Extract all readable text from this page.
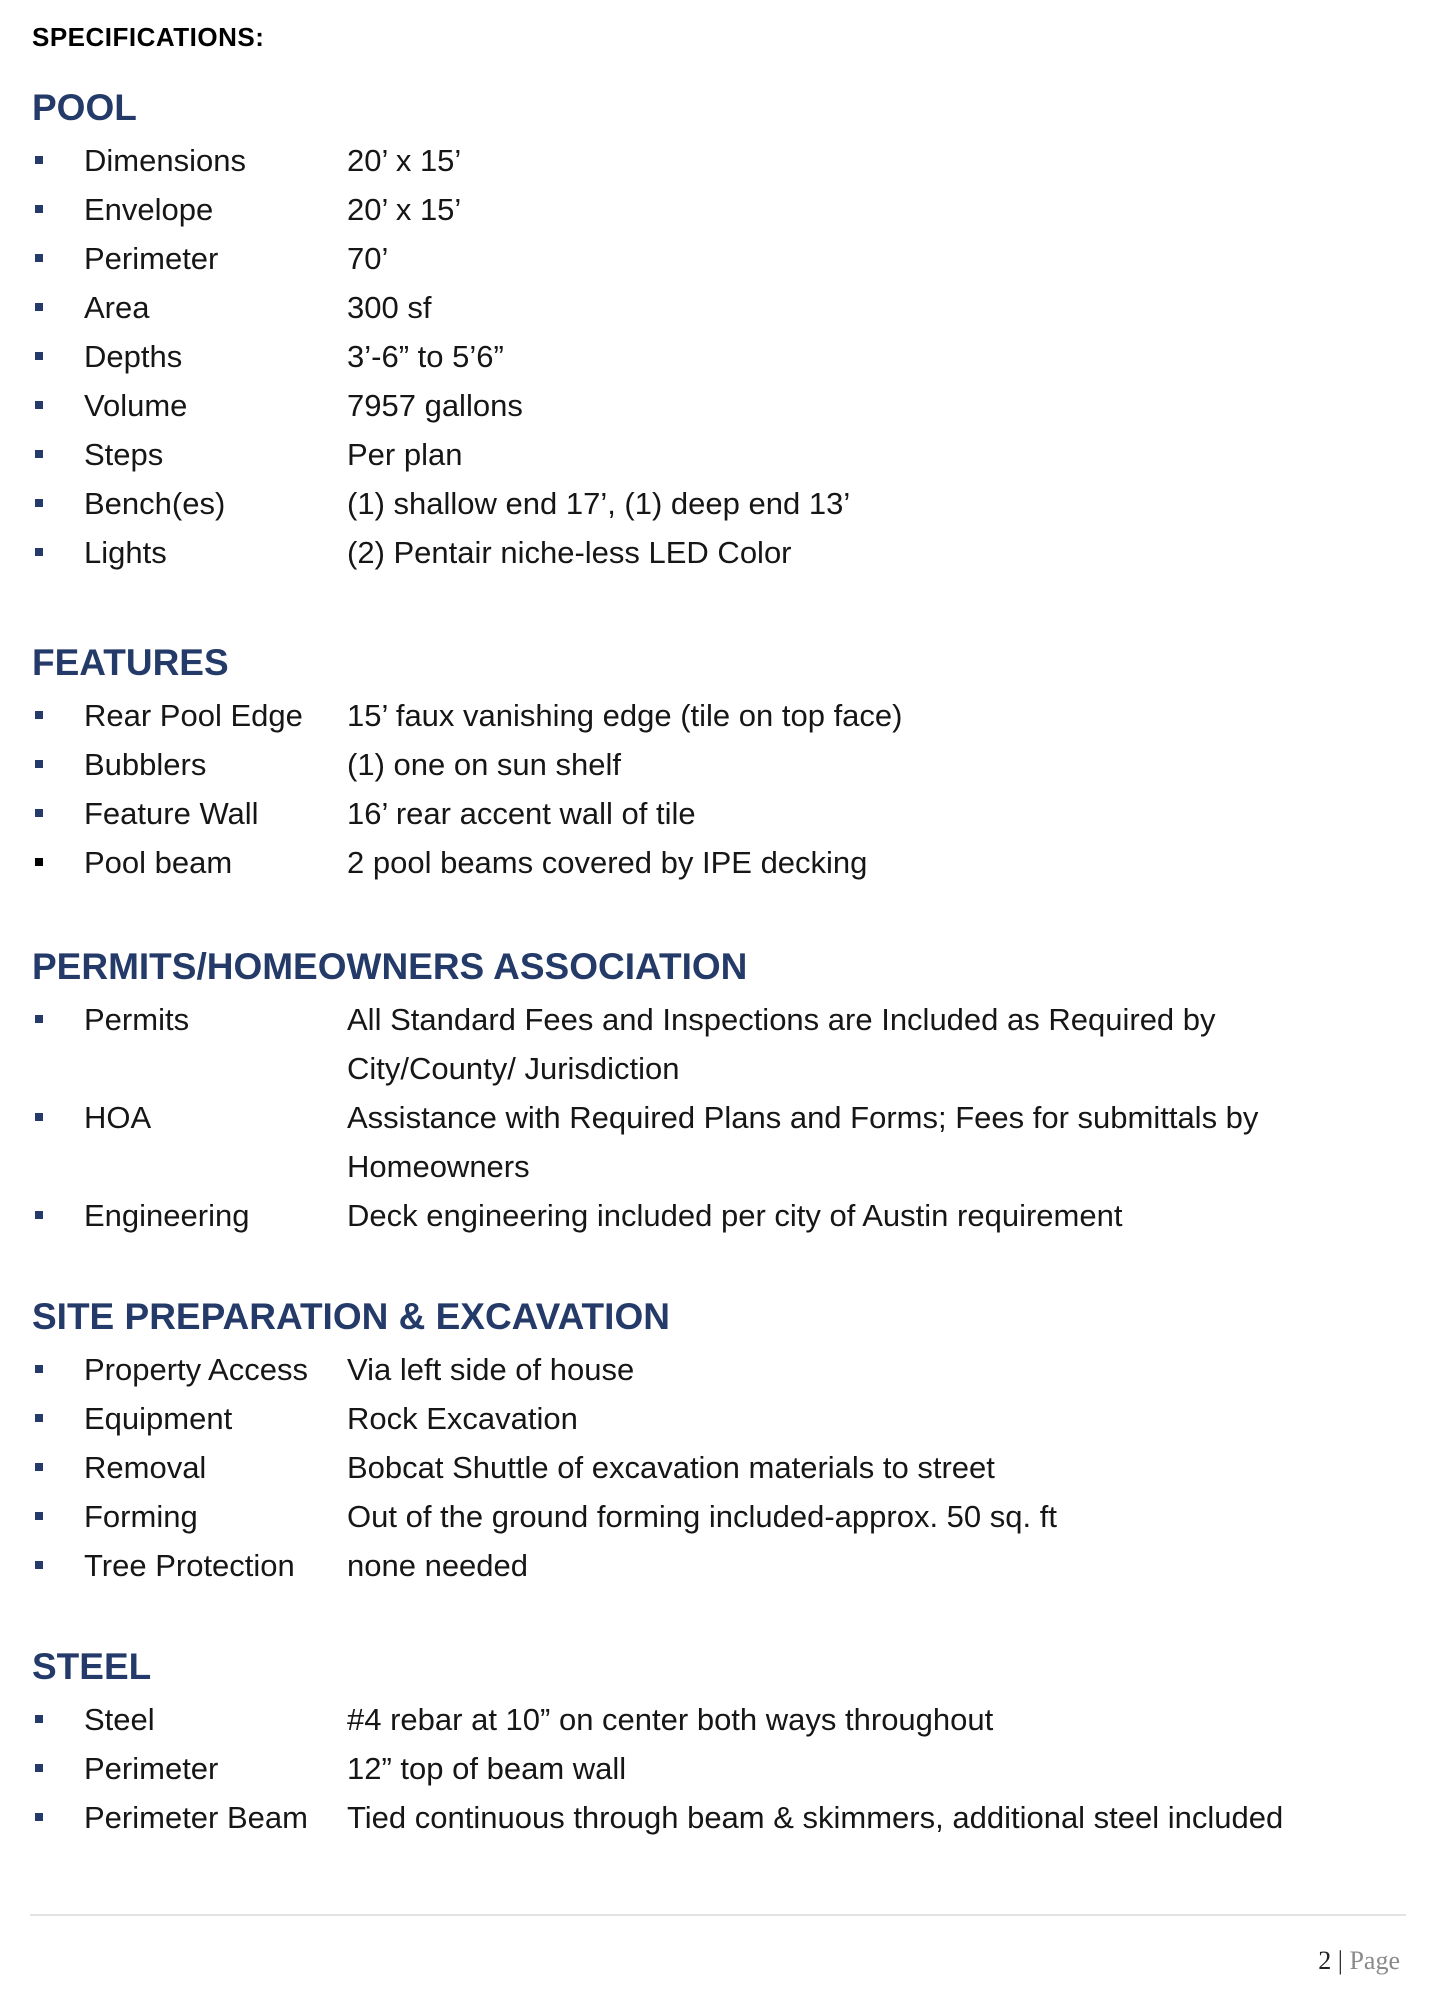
SPECIFICATIONS:
POOL
Dimensions	20’ x 15’
Envelope	20’ x 15’
Perimeter	70’
Area	300 sf
Depths	3’-6” to 5’6”
Volume	7957 gallons
Steps	Per plan
Bench(es)	(1) shallow end 17’, (1) deep end 13’
Lights	(2) Pentair niche-less LED Color
FEATURES
Rear Pool Edge	15’ faux vanishing edge (tile on top face)
Bubblers	(1) one on sun shelf
Feature Wall	16’ rear accent wall of tile
Pool beam	2 pool beams covered by IPE decking
PERMITS/HOMEOWNERS ASSOCIATION
Permits	All Standard Fees and Inspections are Included as Required by City/County/ Jurisdiction
HOA	Assistance with Required Plans and Forms; Fees for submittals by Homeowners
Engineering	Deck engineering included per city of Austin requirement
SITE PREPARATION & EXCAVATION
Property Access	Via left side of house
Equipment	Rock Excavation
Removal	Bobcat Shuttle of excavation materials to street
Forming	Out of the ground forming included-approx. 50 sq. ft
Tree Protection	none needed
STEEL
Steel	#4 rebar at 10” on center both ways throughout
Perimeter	12” top of beam wall
Perimeter Beam	Tied continuous through beam & skimmers, additional steel included
2 | Page
